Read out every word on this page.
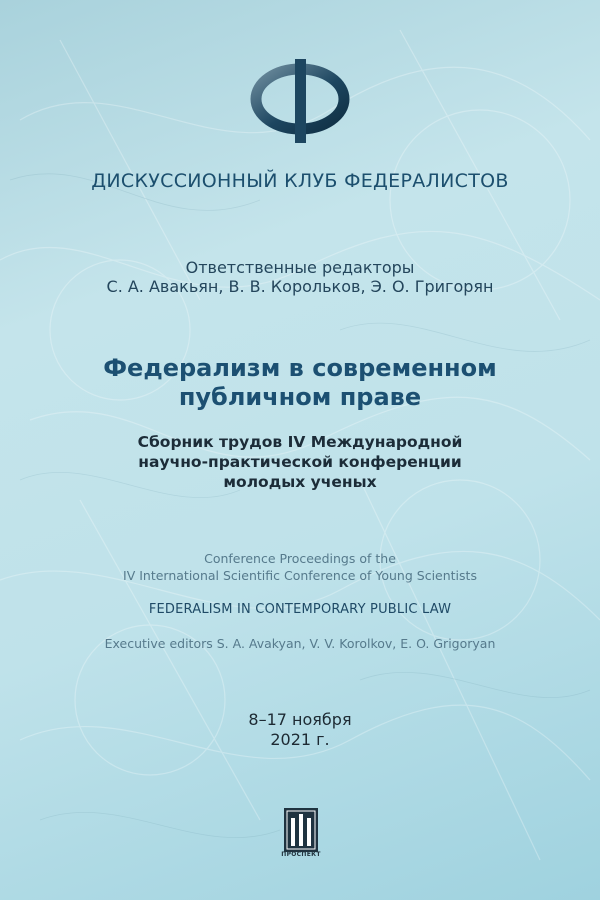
ДИСКУССИОННЫЙ КЛУБ ФЕДЕРАЛИСТОВ

Ответственные редакторы

С. А. Авакьян, В. В. Корольков, Э. О. Григорян

Федерализм в современном
публичном праве
Сборник трудов IV Международной
научно-практической конференции
молодых ученых

Conference Proceedings of the

IV International Scientific Conference of Young Scientists

FEDERALISM IN CONTEMPORARY PUBLIC LAW

Executive editors S. A. Avakyan, V. V. Korolkov, E. O. Grigoryan

8–17 ноября

2021 г.

ПРОСПЕКТ
